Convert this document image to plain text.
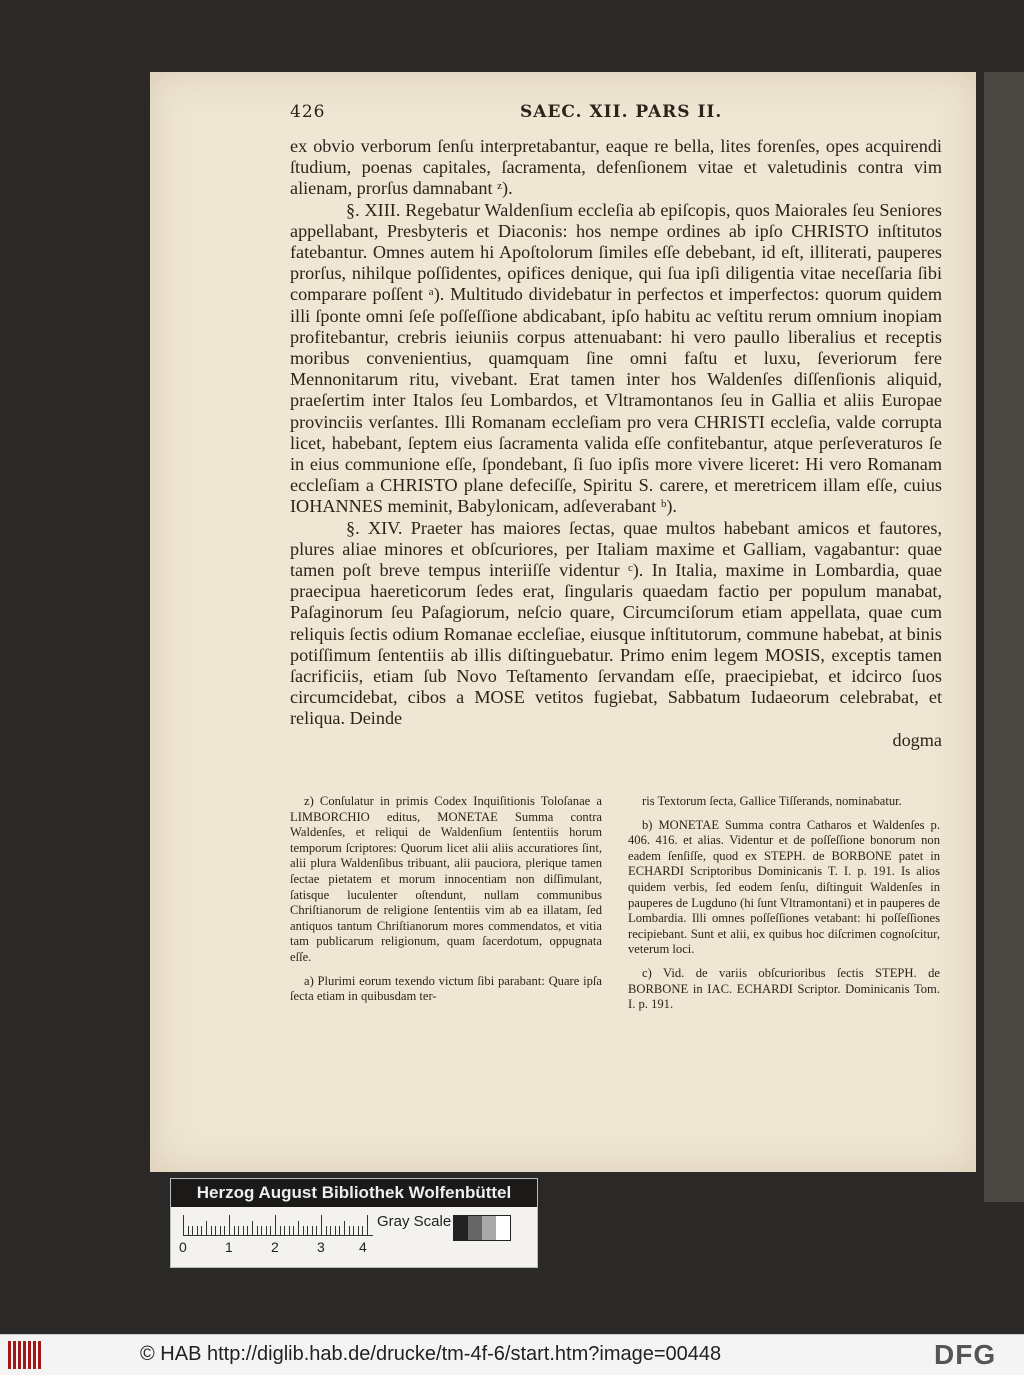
426	SAEC. XII. PARS II.

ex obvio verborum ſenſu interpretabantur, eaque re bella, lites forenſes, opes acquirendi ſtudium, poenas capitales, ſacramenta, defenſionem vitae et valetudinis contra vim alienam, prorſus damnabant ᶻ).

§. XIII. Regebatur Waldenſium eccleſia ab epiſcopis, quos Maiorales ſeu Seniores appellabant, Presbyteris et Diaconis: hos nempe ordines ab ipſo CHRISTO inſtitutos fatebantur. Omnes autem hi Apoſtolorum ſimiles eſſe debebant, id eſt, illiterati, pauperes prorſus, nihilque poſſidentes, opifices denique, qui ſua ipſi diligentia vitae neceſſaria ſibi comparare poſſent ᵃ). Multitudo dividebatur in perfectos et imperfectos: quorum quidem illi ſponte omni ſeſe poſſeſſione abdicabant, ipſo habitu ac veſtitu rerum omnium inopiam profitebantur, crebris ieiuniis corpus attenuabant: hi vero paullo liberalius et receptis moribus convenientius, quamquam ſine omni faſtu et luxu, ſeveriorum fere Mennonitarum ritu, vivebant. Erat tamen inter hos Waldenſes diſſenſionis aliquid, praeſertim inter Italos ſeu Lombardos, et Vltramontanos ſeu in Gallia et aliis Europae provinciis verſantes. Illi Romanam eccleſiam pro vera CHRISTI eccleſia, valde corrupta licet, habebant, ſeptem eius ſacramenta valida eſſe confitebantur, atque perſeveraturos ſe in eius communione eſſe, ſpondebant, ſi ſuo ipſis more vivere liceret: Hi vero Romanam eccleſiam a CHRISTO plane defeciſſe, Spiritu S. carere, et meretricem illam eſſe, cuius IOHANNES meminit, Babylonicam, adſeverabant ᵇ).

§. XIV. Praeter has maiores ſectas, quae multos habebant amicos et fautores, plures aliae minores et obſcuriores, per Italiam maxime et Galliam, vagabantur: quae tamen poſt breve tempus interiiſſe videntur ᶜ). In Italia, maxime in Lombardia, quae praecipua haereticorum ſedes erat, ſingularis quaedam factio per populum manabat, Paſaginorum ſeu Paſagiorum, neſcio quare, Circumciſorum etiam appellata, quae cum reliquis ſectis odium Romanae eccleſiae, eiusque inſtitutorum, commune habebat, at binis potiſſimum ſententiis ab illis diſtinguebatur. Primo enim legem MOSIS, exceptis tamen ſacrificiis, etiam ſub Novo Teſtamento ſervandam eſſe, praecipiebat, et idcirco ſuos circumcidebat, cibos a MOSE vetitos fugiebat, Sabbatum Iudaeorum celebrabat, et reliqua. Deinde

dogma

z) Conſulatur in primis Codex Inquiſitionis Toloſanae a LIMBORCHIO editus, MONETAE Summa contra Waldenſes, et reliqui de Waldenſium ſententiis horum temporum ſcriptores: Quorum licet alii aliis accuratiores ſint, alii plura Waldenſibus tribuant, alii pauciora, plerique tamen ſectae pietatem et morum innocentiam non diſſimulant, ſatisque luculenter oſtendunt, nullam communibus Chriſtianorum de religione ſententiis vim ab ea illatam, ſed antiquos tantum Chriſtianorum mores commendatos, et vitia tam publicarum religionum, quam ſacerdotum, oppugnata eſſe.

a) Plurimi eorum texendo victum ſibi parabant: Quare ipſa ſecta etiam in quibusdam ter-

ris Textorum ſecta, Gallice Tiſſerands, nominabatur.

b) MONETAE Summa contra Catharos et Waldenſes p. 406. 416. et alias. Videntur et de poſſeſſione bonorum non eadem ſenſiſſe, quod ex STEPH. de BORBONE patet in ECHARDI Scriptoribus Dominicanis T. I. p. 191. Is alios quidem verbis, ſed eodem ſenſu, diſtinguit Waldenſes in pauperes de Lugduno (hi ſunt Vltramontani) et in pauperes de Lombardia. Illi omnes poſſeſſiones vetabant: hi poſſeſſiones recipiebant. Sunt et alii, ex quibus hoc diſcrimen cognoſcitur, veterum loci.

c) Vid. de variis obſcurioribus ſectis STEPH. de BORBONE in IAC. ECHARDI Scriptor. Dominicanis Tom. I. p. 191.

Herzog August Bibliothek Wolfenbüttel
0	1	2	3 4
Gray Scale
© HAB http://diglib.hab.de/drucke/tm-4f-6/start.htm?image=00448	DFG
